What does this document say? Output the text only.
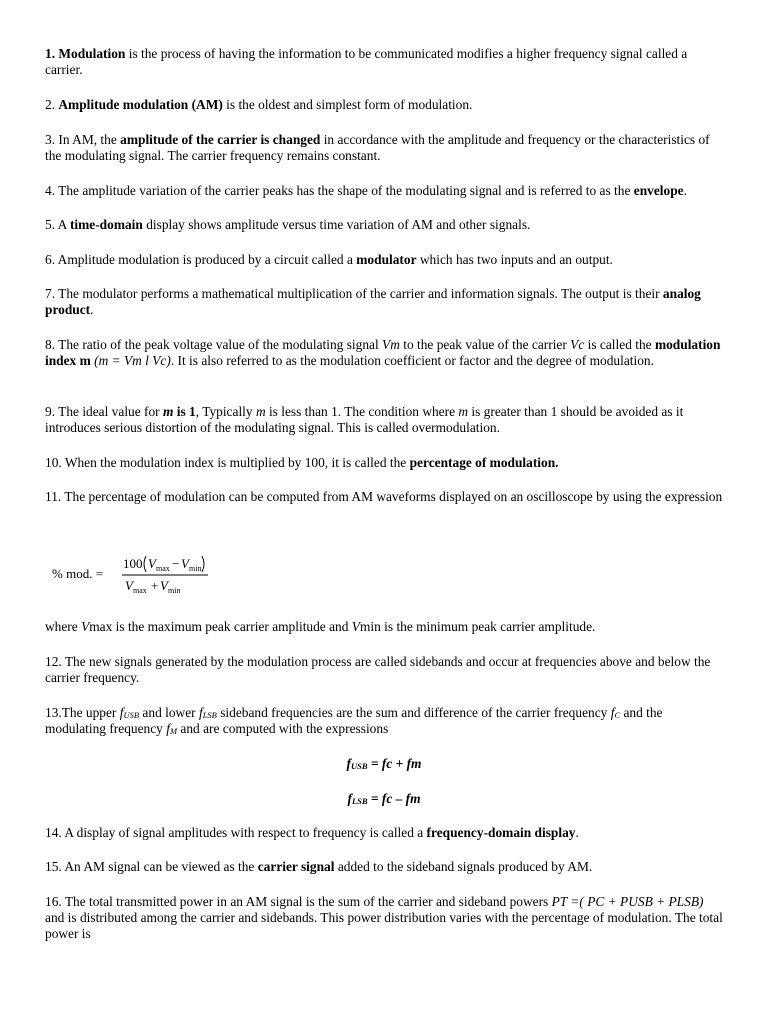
1. Modulation is the process of having the information to be communicated modifies a higher frequency signal called a carrier.

2. Amplitude modulation (AM) is the oldest and simplest form of modulation.

3. In AM, the amplitude of the carrier is changed in accordance with the amplitude and frequency or the characteristics of the modulating signal. The carrier frequency remains constant.

4. The amplitude variation of the carrier peaks has the shape of the modulating signal and is referred to as the envelope.

5. A time-domain display shows amplitude versus time variation of AM and other signals.

6. Amplitude modulation is produced by a circuit called a modulator which has two inputs and an output.

7. The modulator performs a mathematical multiplication of the carrier and information signals. The output is their analog product.

8. The ratio of the peak voltage value of the modulating signal Vm to the peak value of the carrier Vc is called the modulation index m (m = Vm l Vc). It is also referred to as the modulation coefficient or factor and the degree of modulation.

9. The ideal value for m is 1, Typically m is less than 1. The condition where m is greater than 1 should be avoided as it introduces serious distortion of the modulating signal. This is called overmodulation.

10. When the modulation index is multiplied by 100, it is called the percentage of modulation.

11. The percentage of modulation can be computed from AM waveforms displayed on an oscilloscope by using the expression

% mod. =
100 V max − V min
V max + V min

where Vmax is the maximum peak carrier amplitude and Vmin is the minimum peak carrier amplitude.

12. The new signals generated by the modulation process are called sidebands and occur at frequencies above and below the carrier frequency.

13.The upper $f_{USB}$ and lower $f_{LSB}$ sideband frequencies are the sum and difference of the carrier frequency $f_C$ and the modulating frequency $f_M$ and are computed with the expressions

$f_{USB}$ = fc + fm
$f_{LSB}$ = fc – fm

14. A display of signal amplitudes with respect to frequency is called a frequency-domain display.

15. An AM signal can be viewed as the carrier signal added to the sideband signals produced by AM.

16. The total transmitted power in an AM signal is the sum of the carrier and sideband powers PT =( PC + PUSB + PLSB) and is distributed among the carrier and sidebands. This power distribution varies with the percentage of modulation. The total power is
